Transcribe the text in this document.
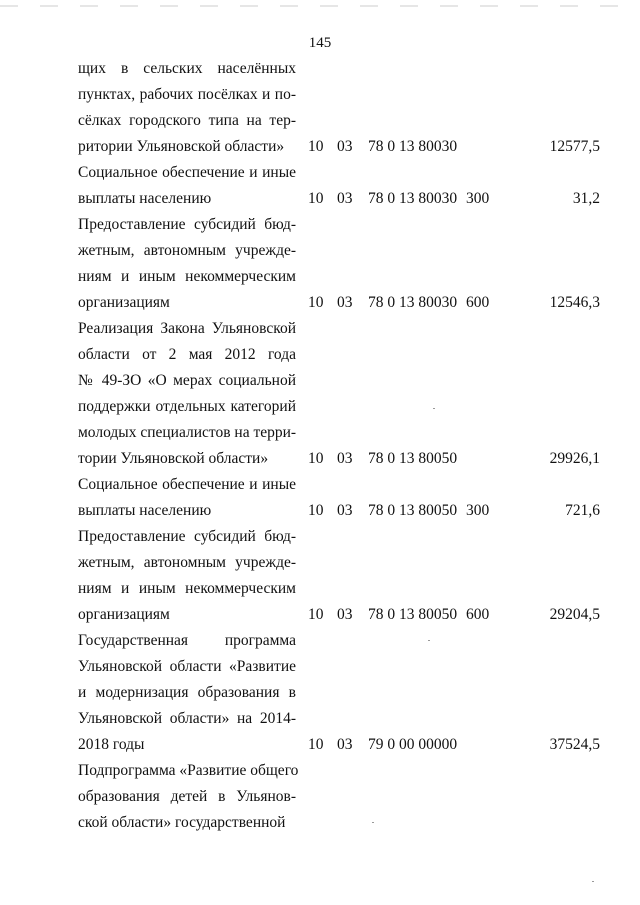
145
щих в сельских населённых
пунктах, рабочих посёлках и по-
сёлках городского типа на тер-
ритории Ульяновской области»	10 03 78 0 13 80030	12577,5
Социальное обеспечение и иные
выплаты населению	10 03 78 0 13 80030 300	31,2
Предоставление субсидий бюд-
жетным, автономным учрежде-
ниям и иным некоммерческим
организациям	10 03 78 0 13 80030 600	12546,3
Реализация Закона Ульяновской
области от 2 мая 2012 года
№ 49-ЗО «О мерах социальной
поддержки отдельных категорий
молодых специалистов на терри-
тории Ульяновской области»	10 03 78 0 13 80050	29926,1
Социальное обеспечение и иные
выплаты населению	10 03 78 0 13 80050 300	721,6
Предоставление субсидий бюд-
жетным, автономным учрежде-
ниям и иным некоммерческим
организациям	10 03 78 0 13 80050 600	29204,5
Государственная программа
Ульяновской области «Развитие
и модернизация образования в
Ульяновской области» на 2014-
2018 годы	10 03 79 0 00 00000	37524,5
Подпрограмма «Развитие общего
образования детей в Ульянов-
ской области» государственной
